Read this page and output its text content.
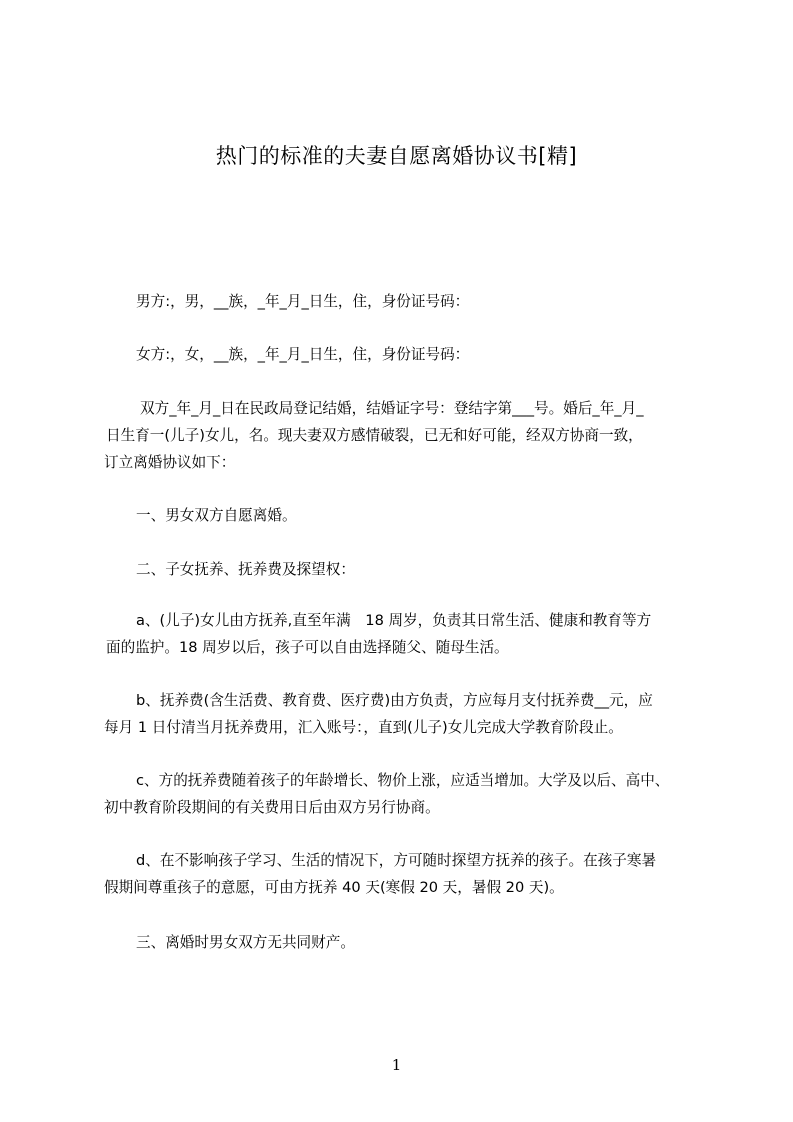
热门的标准的夫妻自愿离婚协议书[精]
男方:，男，__族，_年_月_日生，住，身份证号码：
女方:，女，__族，_年_月_日生，住，身份证号码：
双方_年_月_日在民政局登记结婚，结婚证字号：登结字第___号。婚后_年_月_
日生育一(儿子)女儿，名。现夫妻双方感情破裂，已无和好可能，经双方协商一致，
订立离婚协议如下：
一、男女双方自愿离婚。
二、子女抚养、抚养费及探望权：
a、(儿子)女儿由方抚养,直至年满　18 周岁，负责其日常生活、健康和教育等方
面的监护。18 周岁以后，孩子可以自由选择随父、随母生活。
b、抚养费(含生活费、教育费、医疗费)由方负责，方应每月支付抚养费__元，应
每月 1 日付清当月抚养费用，汇入账号：，直到(儿子)女儿完成大学教育阶段止。
c、方的抚养费随着孩子的年龄增长、物价上涨，应适当增加。大学及以后、高中、
初中教育阶段期间的有关费用日后由双方另行协商。
d、在不影响孩子学习、生活的情况下，方可随时探望方抚养的孩子。在孩子寒暑
假期间尊重孩子的意愿，可由方抚养 40 天(寒假 20 天，暑假 20 天)。
三、离婚时男女双方无共同财产。
1
